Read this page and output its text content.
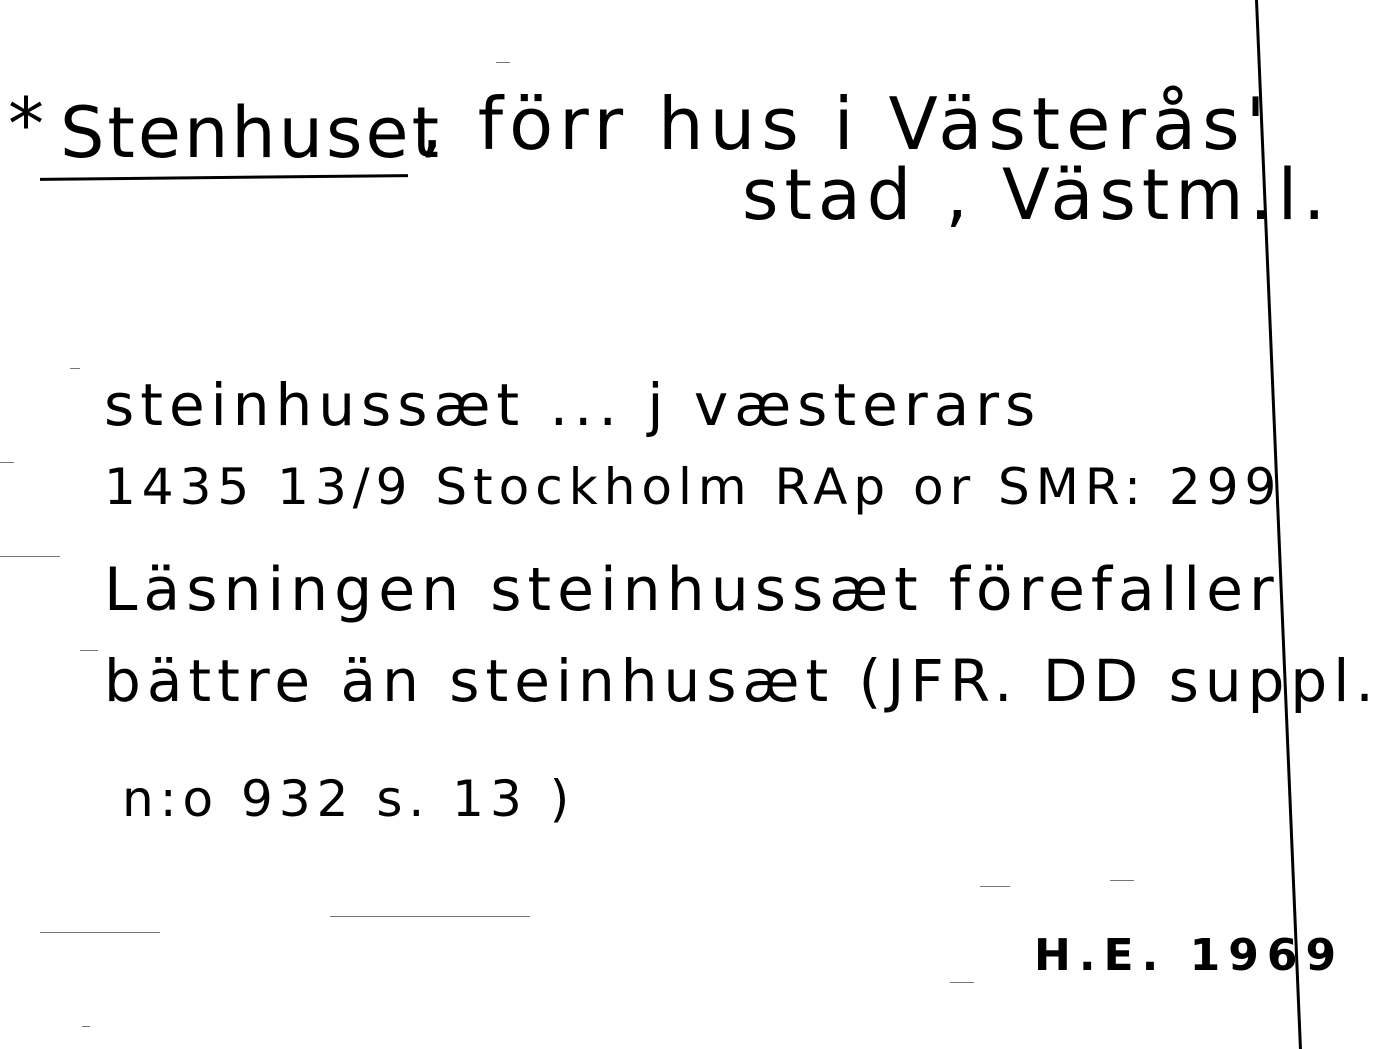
* Stenhuset
, förr hus i Västerås'
stad , Västm.l.
steinhussæt ... j væsterars
1435 13/9 Stockholm RAp or SMR: 299
Läsningen steinhussæt förefaller
bättre än steinhusæt (JFR. DD suppl.
n:o 932 s. 13 )
H.E. 1969
